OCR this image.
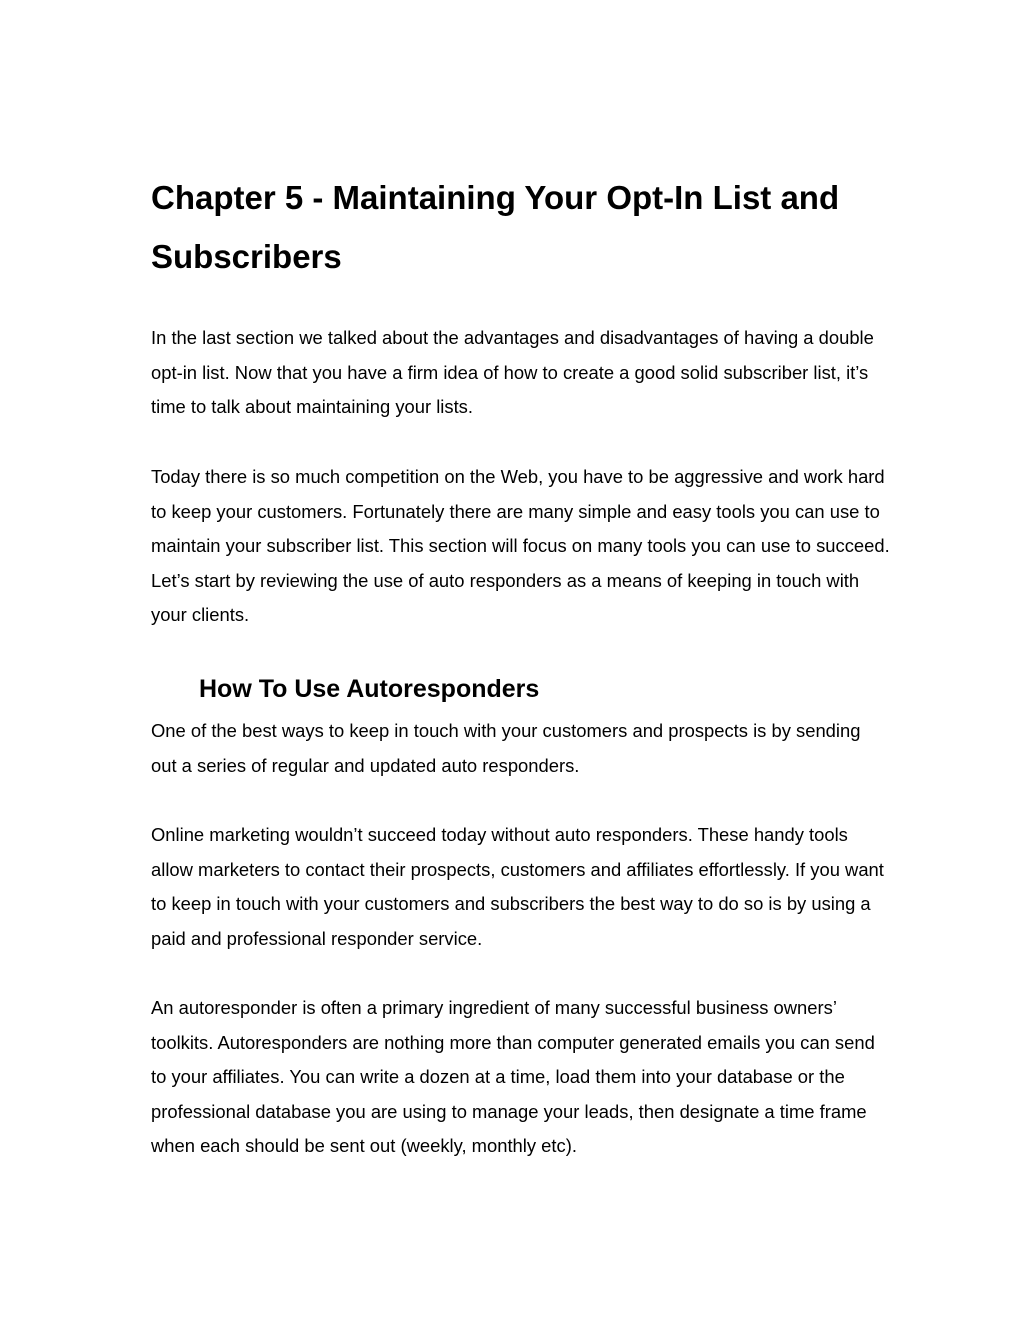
Chapter 5 - Maintaining Your Opt-In List and Subscribers

In the last section we talked about the advantages and disadvantages of having a double opt-in list. Now that you have a firm idea of how to create a good solid subscriber list, it’s time to talk about maintaining your lists.

Today there is so much competition on the Web, you have to be aggressive and work hard to keep your customers. Fortunately there are many simple and easy tools you can use to maintain your subscriber list. This section will focus on many tools you can use to succeed. Let’s start by reviewing the use of auto responders as a means of keeping in touch with your clients.

How To Use Autoresponders

One of the best ways to keep in touch with your customers and prospects is by sending out a series of regular and updated auto responders.

Online marketing wouldn’t succeed today without auto responders. These handy tools allow marketers to contact their prospects, customers and affiliates effortlessly. If you want to keep in touch with your customers and subscribers the best way to do so is by using a paid and professional responder service.

An autoresponder is often a primary ingredient of many successful business owners’ toolkits. Autoresponders are nothing more than computer generated emails you can send to your affiliates. You can write a dozen at a time, load them into your database or the professional database you are using to manage your leads, then designate a time frame when each should be sent out (weekly, monthly etc).
